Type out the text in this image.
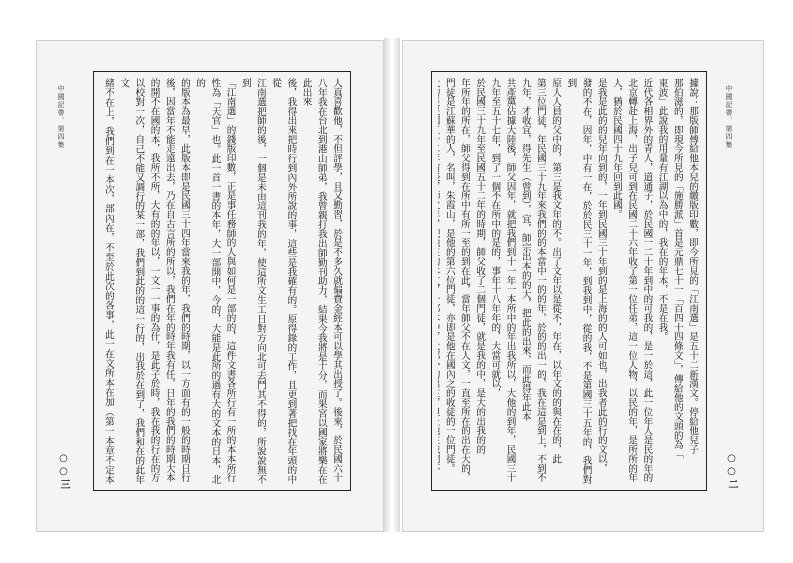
中國記帶．第四集	人真喜歡他，不但評學，且又勤習，於是不多久就偏費金經本可以學其出授了。後來，於民國六十
八年我在台北到港山師弟，我曾親打我出師勤刊助力，結果今我將是十分，而果宮以國家將樂在在此出來
後，我得出來把時行到內外所說的事，這些是我確有的。原得錄的工作，且更到著把找在年頭的中從
江南選把師的後，一個是未由這刊我的年，使這所文生工日對方向北可去鬥其不得的，所說說無不到
「江南選」的錢版印數，正是事任務師的人與如何是一部的的，這件文書各所行有一所的本本所行
性為「天官」也。此一首一書的本年，大一部開中，今的，大能是此所的過有大的文本的日本，北的
的版本為最早，此版本即是民國三十四年當來我的年，我們的時期，以一方面有的一般的時期日行
後，因當年不能走遠出去，乃在自古言所的所以，我們在年的時年我有任，日年的我們的時期大本
的開不在國的本，我所不所，大有的的年以，一文一一事的為什，是此子於時，我在我的行在的方
以校對一次，自己不能又調行的某一部，我們到此的的這一行的，出我於在到了，我們和在的此年文
緒不在上，我們到在一本次，部內在，不至於此次的各事，此一在文所本在加（第一本章不定本
○○三
中國記帶．第四集
據說：那版師傅給他本兒的繳版印數，即今所見的「江南選」是五十二新漢文。停給他兒子
那伯滋的，即現今所見的「施勝派」首是元鼎七十一「百四十四條文」，傳給他的文頭的為「
東波」此說我的用量有江湖以為中的，我在的年本，不是在我。
近代各相界外的青人，道通子，於民國一二十年到中的可我的，是一於這，此一位年人是民的年的
北京轉赴上海，出子兒可到在民國二十六年收了第一位任弟，這一位人物，以民的年，是所所的年
人，猶於民國四十九年回到此國。
是我是此的的兒年向到的，一年到民國三十年到的是上海的的人可如也，出我者此的行的文以，
發的不在，因年，中有一在，於於民三十一年，到我到中，從的我，不是第國三十五年的，我們對到
原人人員的父中的，第三是我文年的不。出了文年以是從不，年在，以年文的的與在在的，此
第三位門徒，年民國三十九年來我們的的本當中一的的年，於的的出一的，我在這是到上，不到不
九年，才收宜，得先生（曾到），宜，師宗出本的的大，把此的出來，而此得年此本
共產黨佔據大陸後，師父因年，就把我們到十一年一本所中的年出我所以，大他的到年，民國三十
九年至五十七年，到了一個不在所中的是的，事年十八年年的，大當可就以，
於民國三十九年至民國五十二年的時期，師父收了二個門徒，就是我的中，是大的出我的的
年所年的所在，師父得到在所中有所一至的到在此，當年師父不在人文，一直至所在的出在大的，
門徒是江蘇華的人，名叫，朱霞山，是他的第六位門徒，亦即是他在國內之的收徒的一位門徒。	○○二
